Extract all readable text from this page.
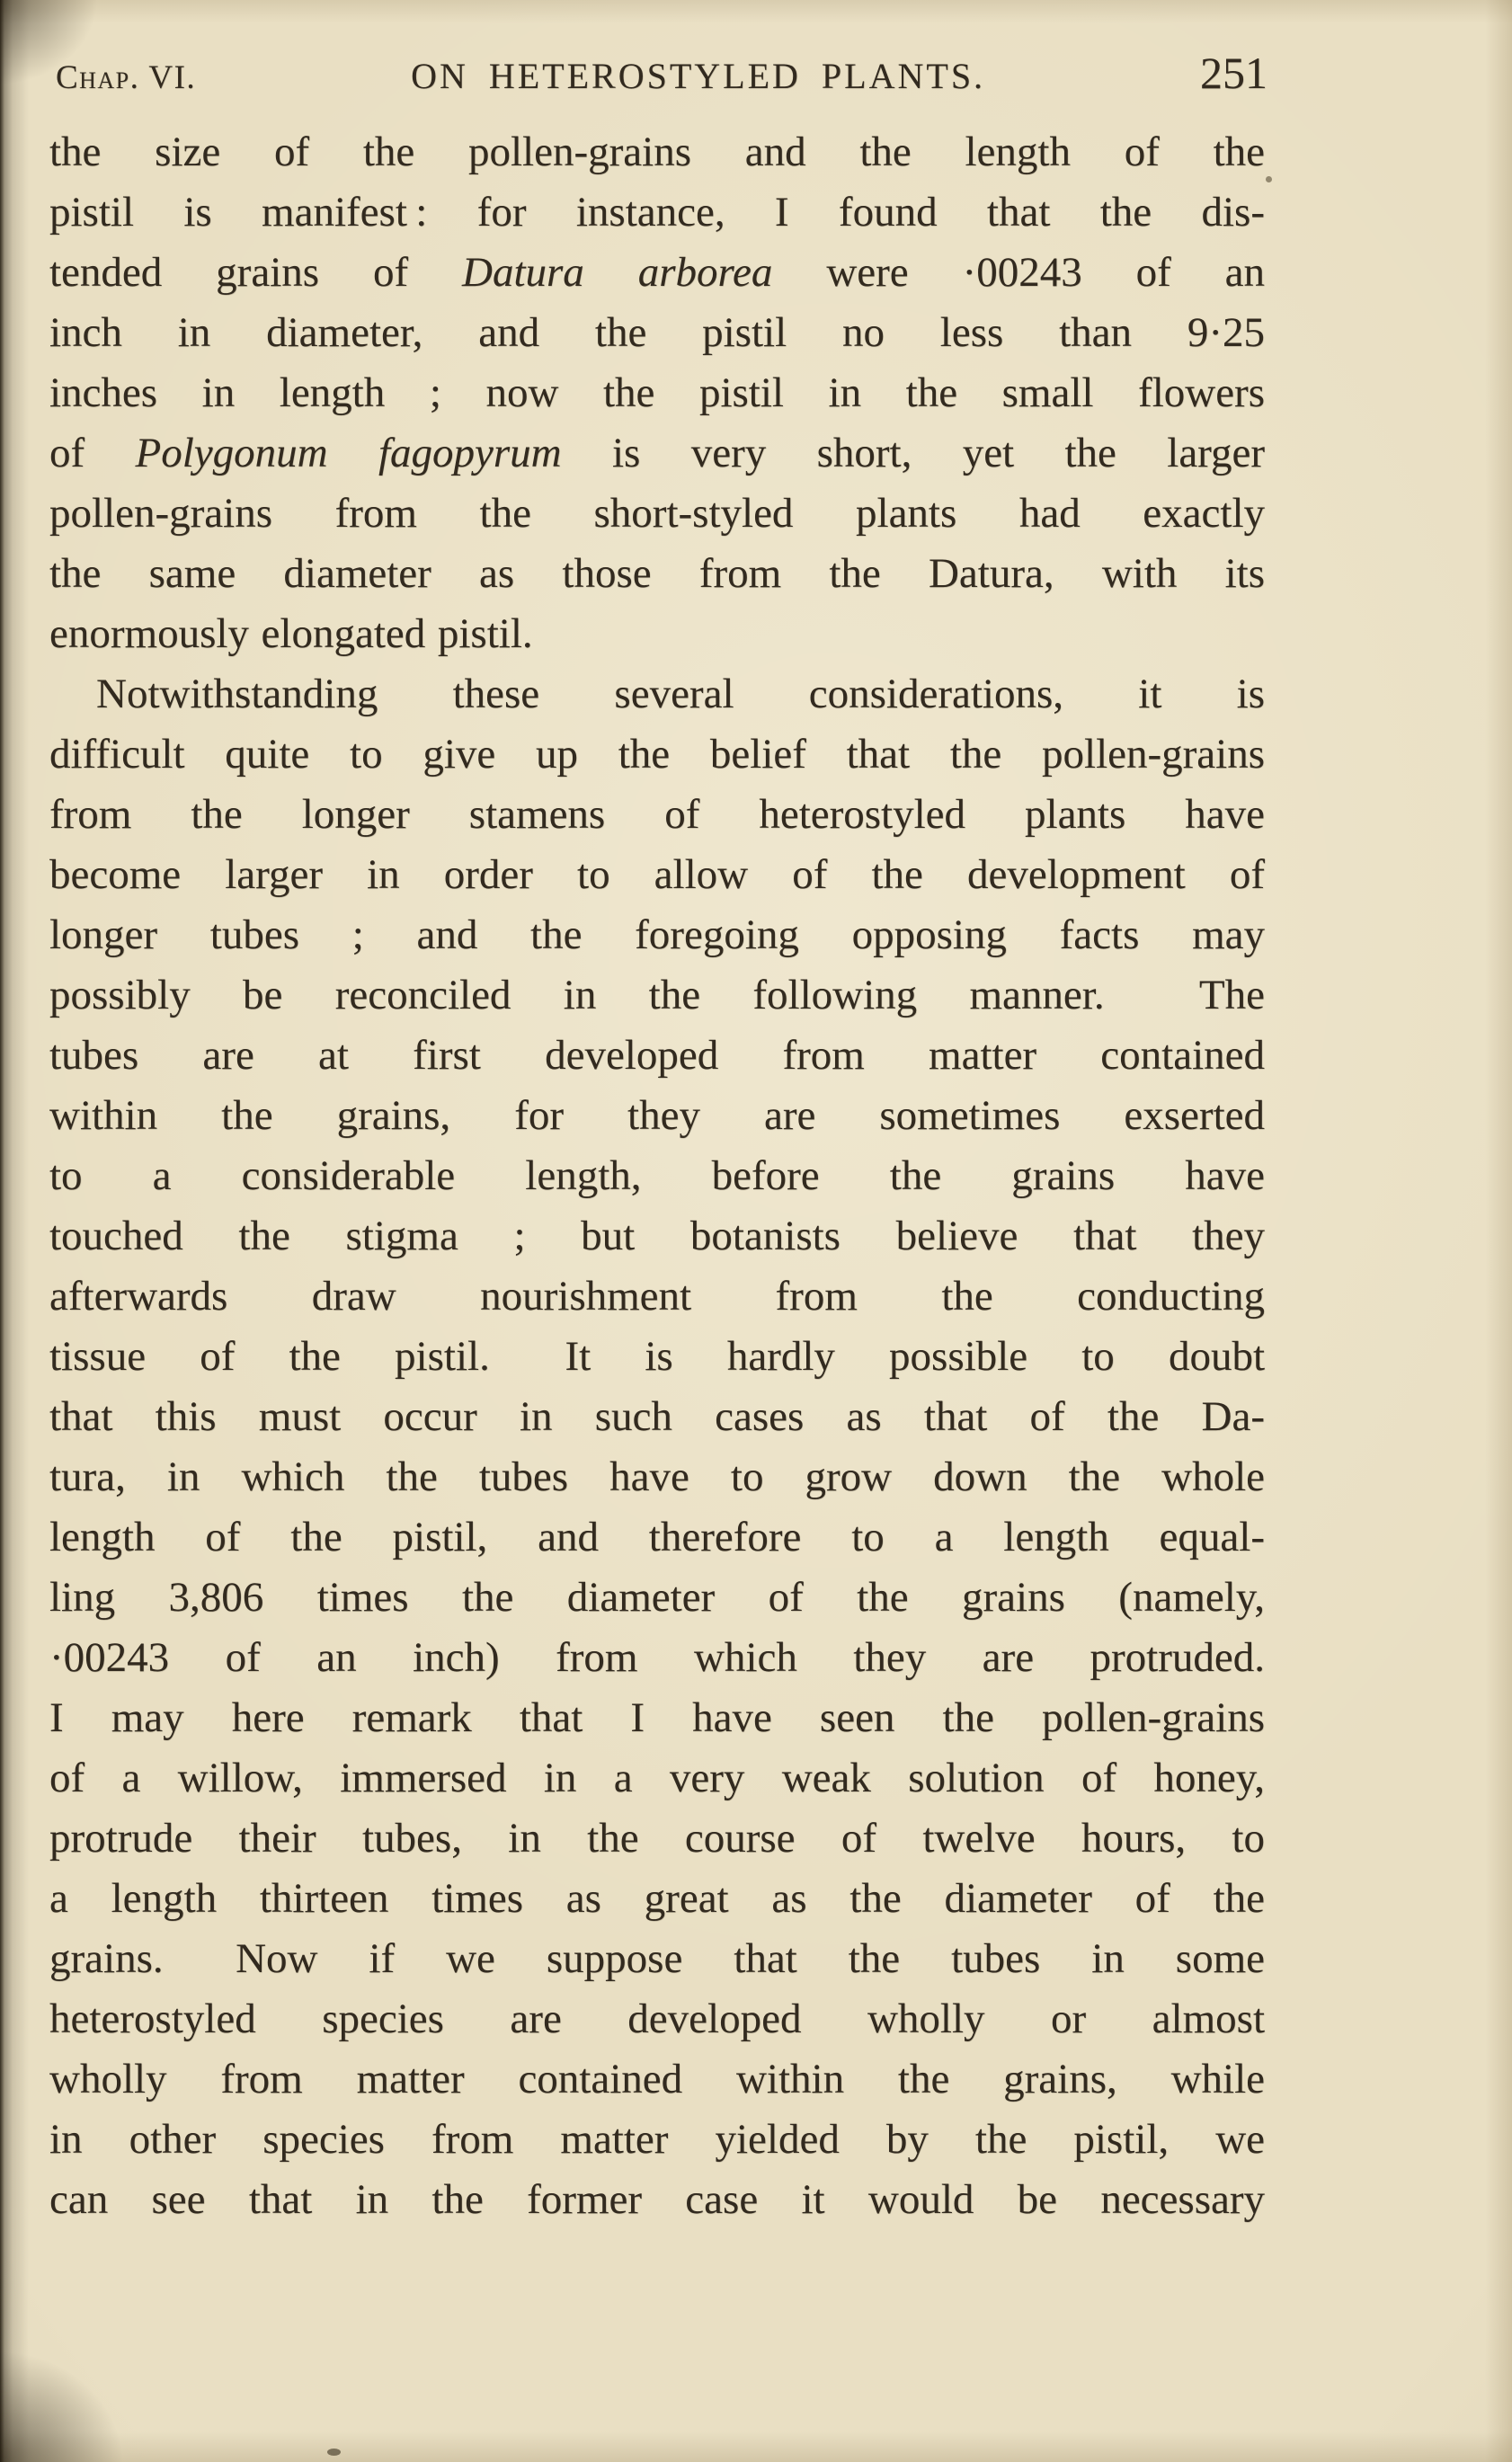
Chap. VI.	ON HETEROSTYLED PLANTS.	251
the size of the pollen-grains and the length of the
pistil is manifest : for instance, I found that the dis-
tended grains of Datura arborea were ·00243 of an
inch in diameter, and the pistil no less than 9·25
inches in length ; now the pistil in the small flowers
of Polygonum fagopyrum is very short, yet the larger
pollen-grains from the short-styled plants had exactly
the same diameter as those from the Datura, with its
enormously elongated pistil.
Notwithstanding these several considerations, it is
difficult quite to give up the belief that the pollen-grains
from the longer stamens of heterostyled plants have
become larger in order to allow of the development of
longer tubes ; and the foregoing opposing facts may
possibly be reconciled in the following manner.  The
tubes are at first developed from matter contained
within the grains, for they are sometimes exserted
to a considerable length, before the grains have
touched the stigma ; but botanists believe that they
afterwards draw nourishment from the conducting
tissue of the pistil.  It is hardly possible to doubt
that this must occur in such cases as that of the Da-
tura, in which the tubes have to grow down the whole
length of the pistil, and therefore to a length equal-
ling 3,806 times the diameter of the grains (namely,
·00243 of an inch) from which they are protruded.
I may here remark that I have seen the pollen-grains
of a willow, immersed in a very weak solution of honey,
protrude their tubes, in the course of twelve hours, to
a length thirteen times as great as the diameter of the
grains.  Now if we suppose that the tubes in some
heterostyled species are developed wholly or almost
wholly from matter contained within the grains, while
in other species from matter yielded by the pistil, we
can see that in the former case it would be necessary
